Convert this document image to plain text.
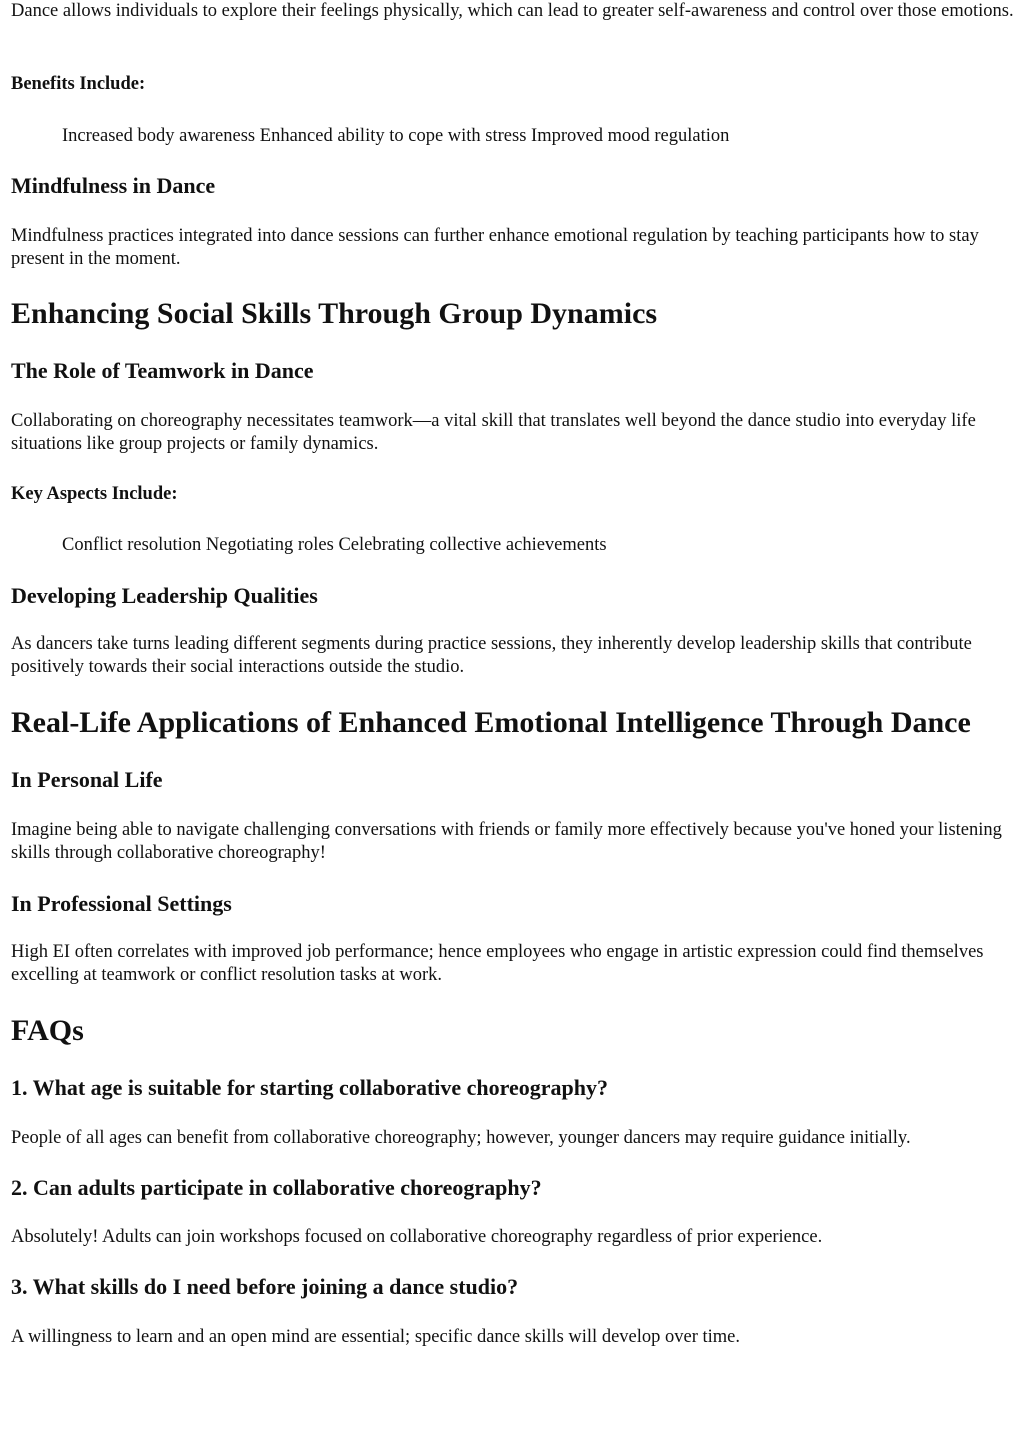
Dance allows individuals to explore their feelings physically, which can lead to greater self-awareness and control over those emotions.

Benefits Include:
Increased body awareness Enhanced ability to cope with stress Improved mood regulation
Mindfulness in Dance

Mindfulness practices integrated into dance sessions can further enhance emotional regulation by teaching participants how to stay present in the moment.

Enhancing Social Skills Through Group Dynamics
The Role of Teamwork in Dance

Collaborating on choreography necessitates teamwork—a vital skill that translates well beyond the dance studio into everyday life situations like group projects or family dynamics.

Key Aspects Include:
Conflict resolution Negotiating roles Celebrating collective achievements
Developing Leadership Qualities

As dancers take turns leading different segments during practice sessions, they inherently develop leadership skills that contribute positively towards their social interactions outside the studio.

Real-Life Applications of Enhanced Emotional Intelligence Through Dance
In Personal Life

Imagine being able to navigate challenging conversations with friends or family more effectively because you've honed your listening skills through collaborative choreography!

In Professional Settings

High EI often correlates with improved job performance; hence employees who engage in artistic expression could find themselves excelling at teamwork or conflict resolution tasks at work.

FAQs
1. What age is suitable for starting collaborative choreography?

People of all ages can benefit from collaborative choreography; however, younger dancers may require guidance initially.

2. Can adults participate in collaborative choreography?

Absolutely! Adults can join workshops focused on collaborative choreography regardless of prior experience.

3. What skills do I need before joining a dance studio?

A willingness to learn and an open mind are essential; specific dance skills will develop over time.
